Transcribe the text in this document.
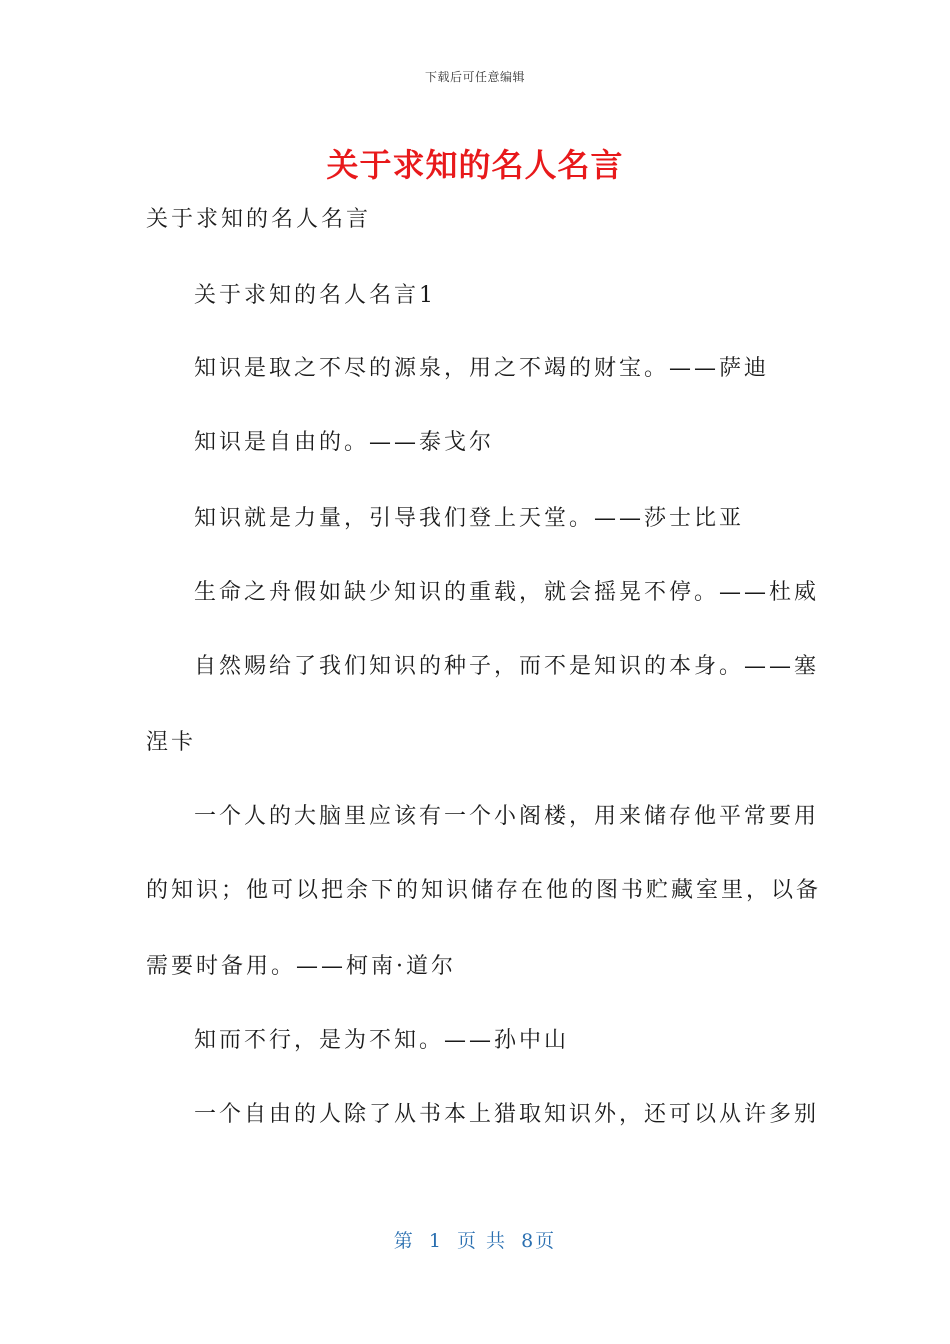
下载后可任意编辑
关于求知的名人名言
关于求知的名人名言
关于求知的名人名言1
知识是取之不尽的源泉，用之不竭的财宝。——萨迪
知识是自由的。——泰戈尔
知识就是力量，引导我们登上天堂。——莎士比亚
生命之舟假如缺少知识的重载，就会摇晃不停。——杜威
自然赐给了我们知识的种子，而不是知识的本身。——塞
涅卡
一个人的大脑里应该有一个小阁楼，用来储存他平常要用
的知识；他可以把余下的知识储存在他的图书贮藏室里，以备
需要时备用。——柯南·道尔
知而不行，是为不知。——孙中山
一个自由的人除了从书本上猎取知识外，还可以从许多别
第 1 页 共 8页
